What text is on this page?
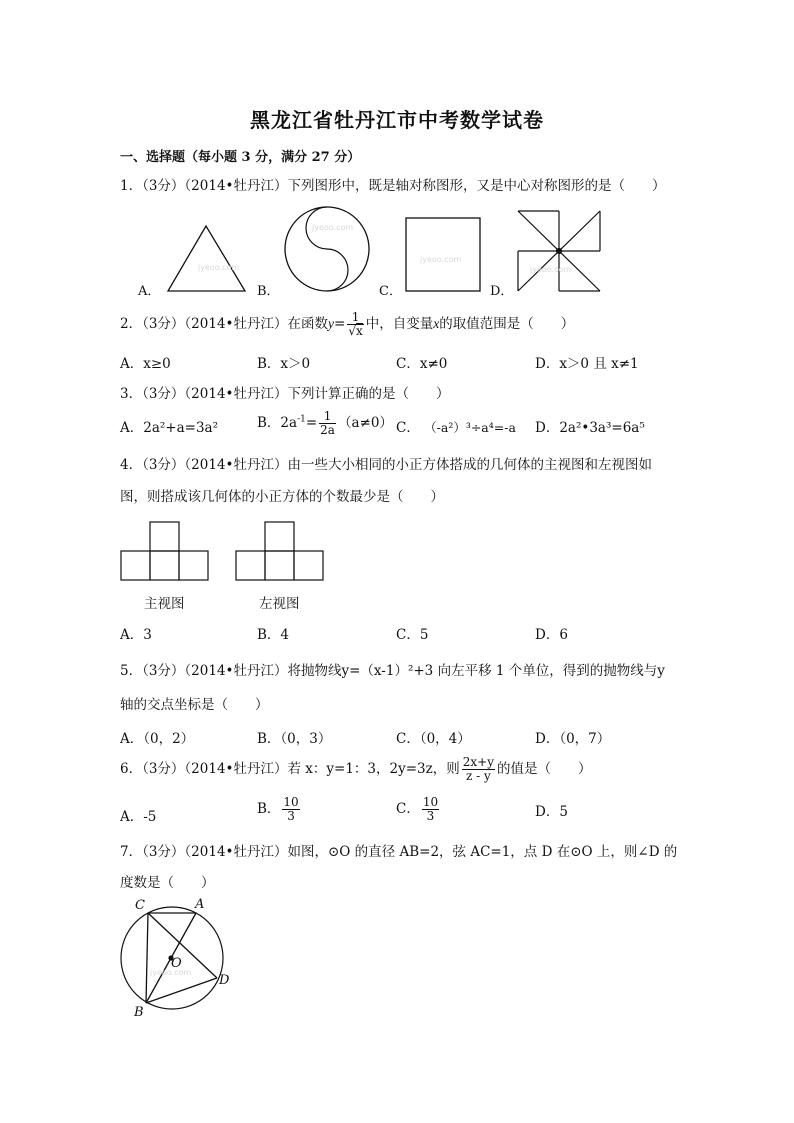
黑龙江省牡丹江市中考数学试卷
一、选择题（每小题 3 分，满分 27 分）
1．（3分）（2014•牡丹江）下列图形中，既是轴对称图形，又是中心对称图形的是（　　）
jyeoo.com
jyeoo.com
jyeoo.com
jyeoo.com
A．	B．	C．	D．
2．（3分）（2014•牡丹江）在函数$y= \frac{1}{√x}$ 中，自变量x的取值范围是（　　）
A．x≥0	B．x＞0	C．x≠0	D．x＞0 且 x≠1
3．（3分）（2014•牡丹江）下列计算正确的是（　　）
A．2a²+a=3a²	B．$2a^{-1}= \frac{1}{2a} (a\ne 0)$ C． （-a²）³÷a⁴=-a D．2a²•3a³=6a⁵
4．（3分）（2014•牡丹江）由一些大小相同的小正方体搭成的几何体的主视图和左视图如
图，则搭成该几何体的小正方体的个数最少是（　　）
主视图	左视图
A．3	B．4	C．5	D．6
5．（3分）（2014•牡丹江）将抛物线y=（x-1）²+3 向左平移 1 个单位，得到的抛物线与y
轴的交点坐标是（　　）
A．（0，2）	B．（0，3）	C．（0，4）	D．（0，7）
6．（3分）（2014•牡丹江）若 x：y=1：3，2y=3z，则 $\frac{2x+y}{z - y}$ 的值是（　　）
A．-5	B． $\frac{10}{3}$	C． $\frac{10}{3}$	D．5
7．（3分）（2014•牡丹江）如图，⊙O 的直径 AB=2，弦 AC=1，点 D 在⊙O 上，则∠D 的
度数是（　　）
jyeoo.com
C	A
O
D
B
